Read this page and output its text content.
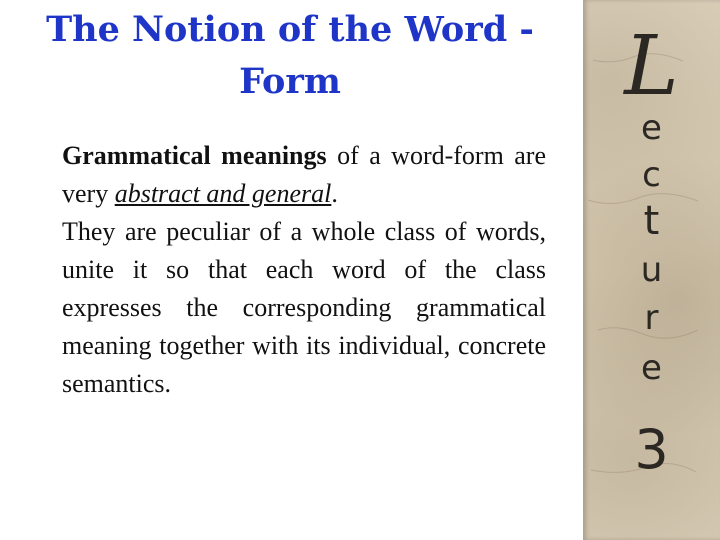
The Notion of the Word -
Form

Grammatical meanings of a word-form are very abstract and general.

They are peculiar of a whole class of words, unite it so that each word of the class expresses the corresponding grammatical meaning together with its individual, concrete semantics.

L
e
c
t
u
r
e
3
